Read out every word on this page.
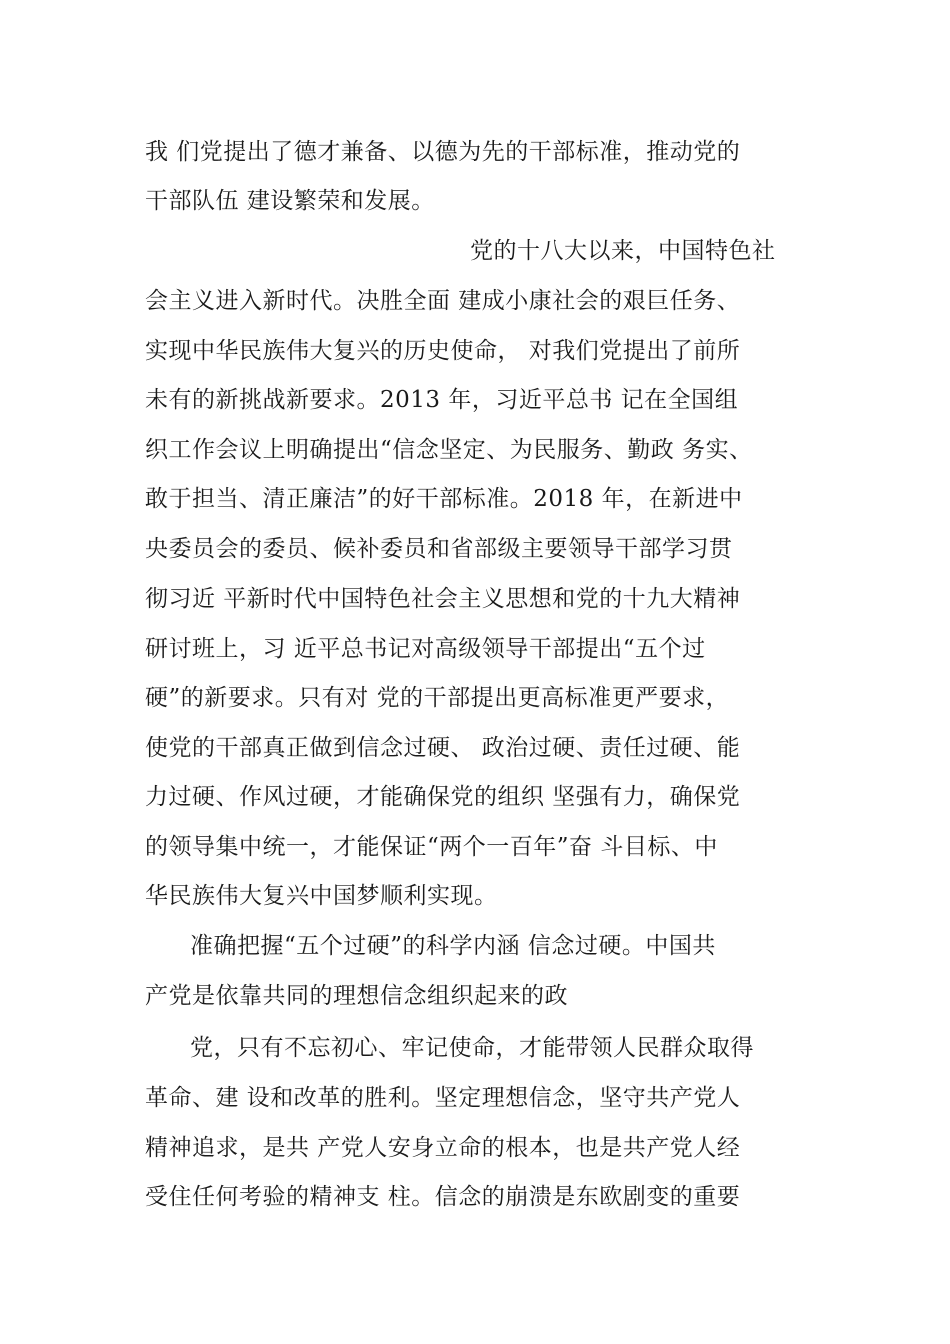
我 们党提出了德才兼备、以德为先的干部标准，推动党的
干部队伍 建设繁荣和发展。
党的十八大以来，中国特色社
会主义进入新时代。决胜全面 建成小康社会的艰巨任务、
实现中华民族伟大复兴的历史使命， 对我们党提出了前所
未有的新挑战新要求。2013 年，习近平总书 记在全国组
织工作会议上明确提出“信念坚定、为民服务、勤政 务实、
敢于担当、清正廉洁”的好干部标准。2018 年，在新进中
央委员会的委员、候补委员和省部级主要领导干部学习贯
彻习近 平新时代中国特色社会主义思想和党的十九大精神
研讨班上，习 近平总书记对高级领导干部提出“五个过
硬”的新要求。只有对 党的干部提出更高标准更严要求，
使党的干部真正做到信念过硬、 政治过硬、责任过硬、能
力过硬、作风过硬，才能确保党的组织 坚强有力，确保党
的领导集中统一，才能保证“两个一百年”奋 斗目标、中
华民族伟大复兴中国梦顺利实现。
准确把握“五个过硬”的科学内涵 信念过硬。中国共
产党是依靠共同的理想信念组织起来的政
党，只有不忘初心、牢记使命，才能带领人民群众取得
革命、建 设和改革的胜利。坚定理想信念，坚守共产党人
精神追求，是共 产党人安身立命的根本，也是共产党人经
受住任何考验的精神支 柱。信念的崩溃是东欧剧变的重要
